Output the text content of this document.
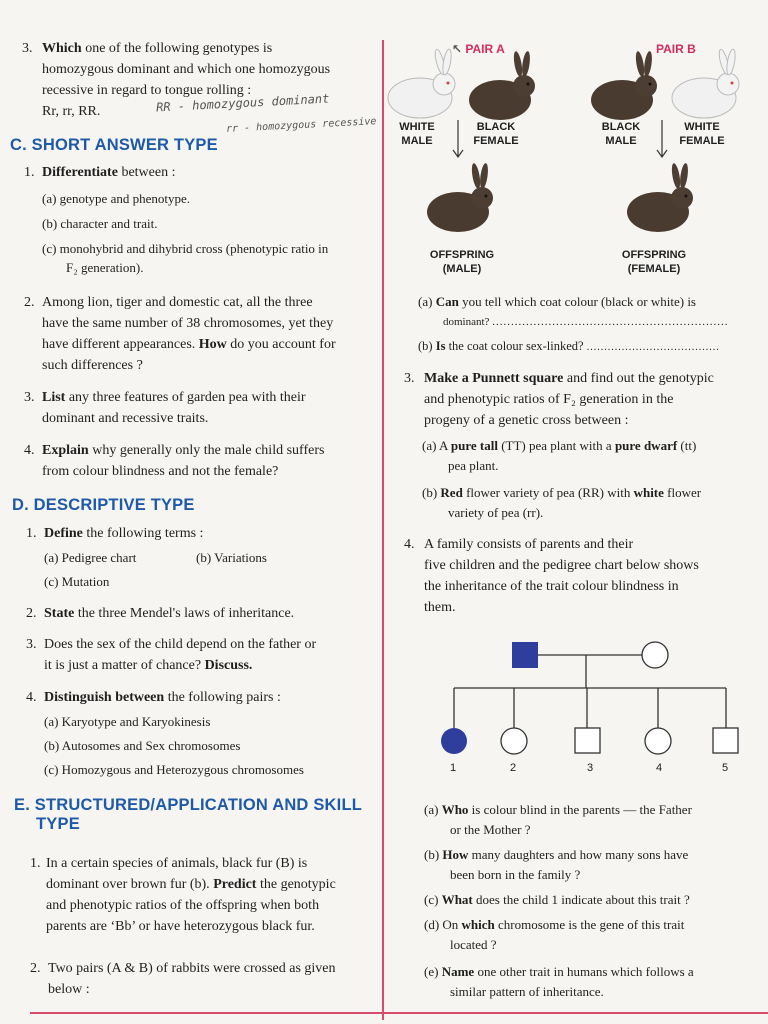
3. Which one of the following genotypes is
homozygous dominant and which one homozygous
recessive in regard to tongue rolling :
Rr, rr, RR.	RR - homozygous dominant
rr - homozygous recessive
C. SHORT ANSWER TYPE
1. Differentiate between :
(a) genotype and phenotype.
(b) character and trait.
(c) monohybrid and dihybrid cross (phenotypic ratio in
F₂ generation).
2. Among lion, tiger and domestic cat, all the three
have the same number of 38 chromosomes, yet they
have different appearances. How do you account for
such differences ?
3. List any three features of garden pea with their
dominant and recessive traits.
4. Explain why generally only the male child suffers
from colour blindness and not the female?
D. DESCRIPTIVE TYPE
1. Define the following terms :
(a) Pedigree chart	(b) Variations
(c) Mutation
2. State the three Mendel's laws of inheritance.
3. Does the sex of the child depend on the father or
it is just a matter of chance? Discuss.
4. Distinguish between the following pairs :
(a) Karyotype and Karyokinesis
(b) Autosomes and Sex chromosomes
(c) Homozygous and Heterozygous chromosomes
E. STRUCTURED/APPLICATION AND SKILL
TYPE
1. In a certain species of animals, black fur (B) is
dominant over brown fur (b). Predict the genotypic
and phenotypic ratios of the offspring when both
parents are ‘Bb’ or have heterozygous black fur.
2. Two pairs (A & B) of rabbits were crossed as given
below :
↖ PAIR A	PAIR B
WHITE
MALE
BLACK
FEMALE
BLACK
MALE
WHITE
FEMALE
OFFSPRING
(MALE)
OFFSPRING
(FEMALE)
(a) Can you tell which coat colour (black or white) is
dominant? ...............................................................
(b) Is the coat colour sex-linked? ......................................
3. Make a Punnett square and find out the genotypic
and phenotypic ratios of F₂ generation in the
progeny of a genetic cross between :
(a) A pure tall (TT) pea plant with a pure dwarf (tt)
pea plant.
(b) Red flower variety of pea (RR) with white flower
variety of pea (rr).
4. A family consists of parents and their
five children and the pedigree chart below shows
the inheritance of the trait colour blindness in
them.
1	2	3	4	5
(a) Who is colour blind in the parents — the Father
or the Mother ?
(b) How many daughters and how many sons have
been born in the family ?
(c) What does the child 1 indicate about this trait ?
(d) On which chromosome is the gene of this trait
located ?
(e) Name one other trait in humans which follows a
similar pattern of inheritance.
